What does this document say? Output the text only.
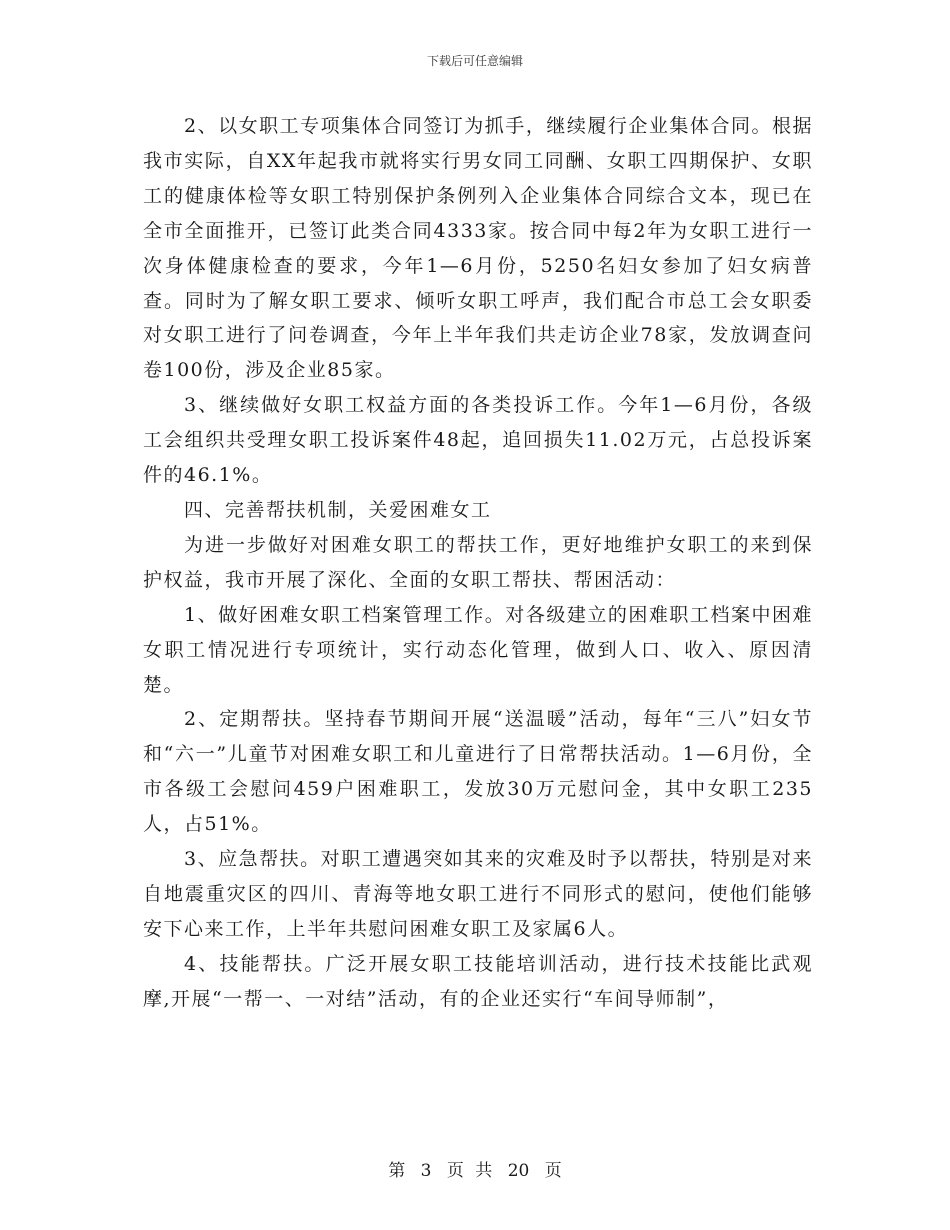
下载后可任意编辑

2、以女职工专项集体合同签订为抓手，继续履行企业集体合同。根据我市实际，自XX年起我市就将实行男女同工同酬、女职工四期保护、女职工的健康体检等女职工特别保护条例列入企业集体合同综合文本，现已在全市全面推开，已签订此类合同4333家。按合同中每2年为女职工进行一次身体健康检查的要求，今年1—6月份，5250名妇女参加了妇女病普查。同时为了解女职工要求、倾听女职工呼声，我们配合市总工会女职委对女职工进行了问卷调查，今年上半年我们共走访企业78家，发放调查问卷100份，涉及企业85家。

3、继续做好女职工权益方面的各类投诉工作。今年1—6月份，各级工会组织共受理女职工投诉案件48起，追回损失11.02万元，占总投诉案件的46.1%。

四、完善帮扶机制，关爱困难女工

为进一步做好对困难女职工的帮扶工作，更好地维护女职工的来到保护权益，我市开展了深化、全面的女职工帮扶、帮困活动：

1、做好困难女职工档案管理工作。对各级建立的困难职工档案中困难女职工情况进行专项统计，实行动态化管理，做到人口、收入、原因清楚。

2、定期帮扶。坚持春节期间开展“送温暖”活动，每年“三八”妇女节和“六一”儿童节对困难女职工和儿童进行了日常帮扶活动。1—6月份，全市各级工会慰问459户困难职工，发放30万元慰问金，其中女职工235人，占51%。

3、应急帮扶。对职工遭遇突如其来的灾难及时予以帮扶，特别是对来自地震重灾区的四川、青海等地女职工进行不同形式的慰问，使他们能够安下心来工作，上半年共慰问困难女职工及家属6人。

4、技能帮扶。广泛开展女职工技能培训活动，进行技术技能比武观摩,开展“一帮一、一对结”活动，有的企业还实行“车间导师制”，

第 3 页 共 20 页
